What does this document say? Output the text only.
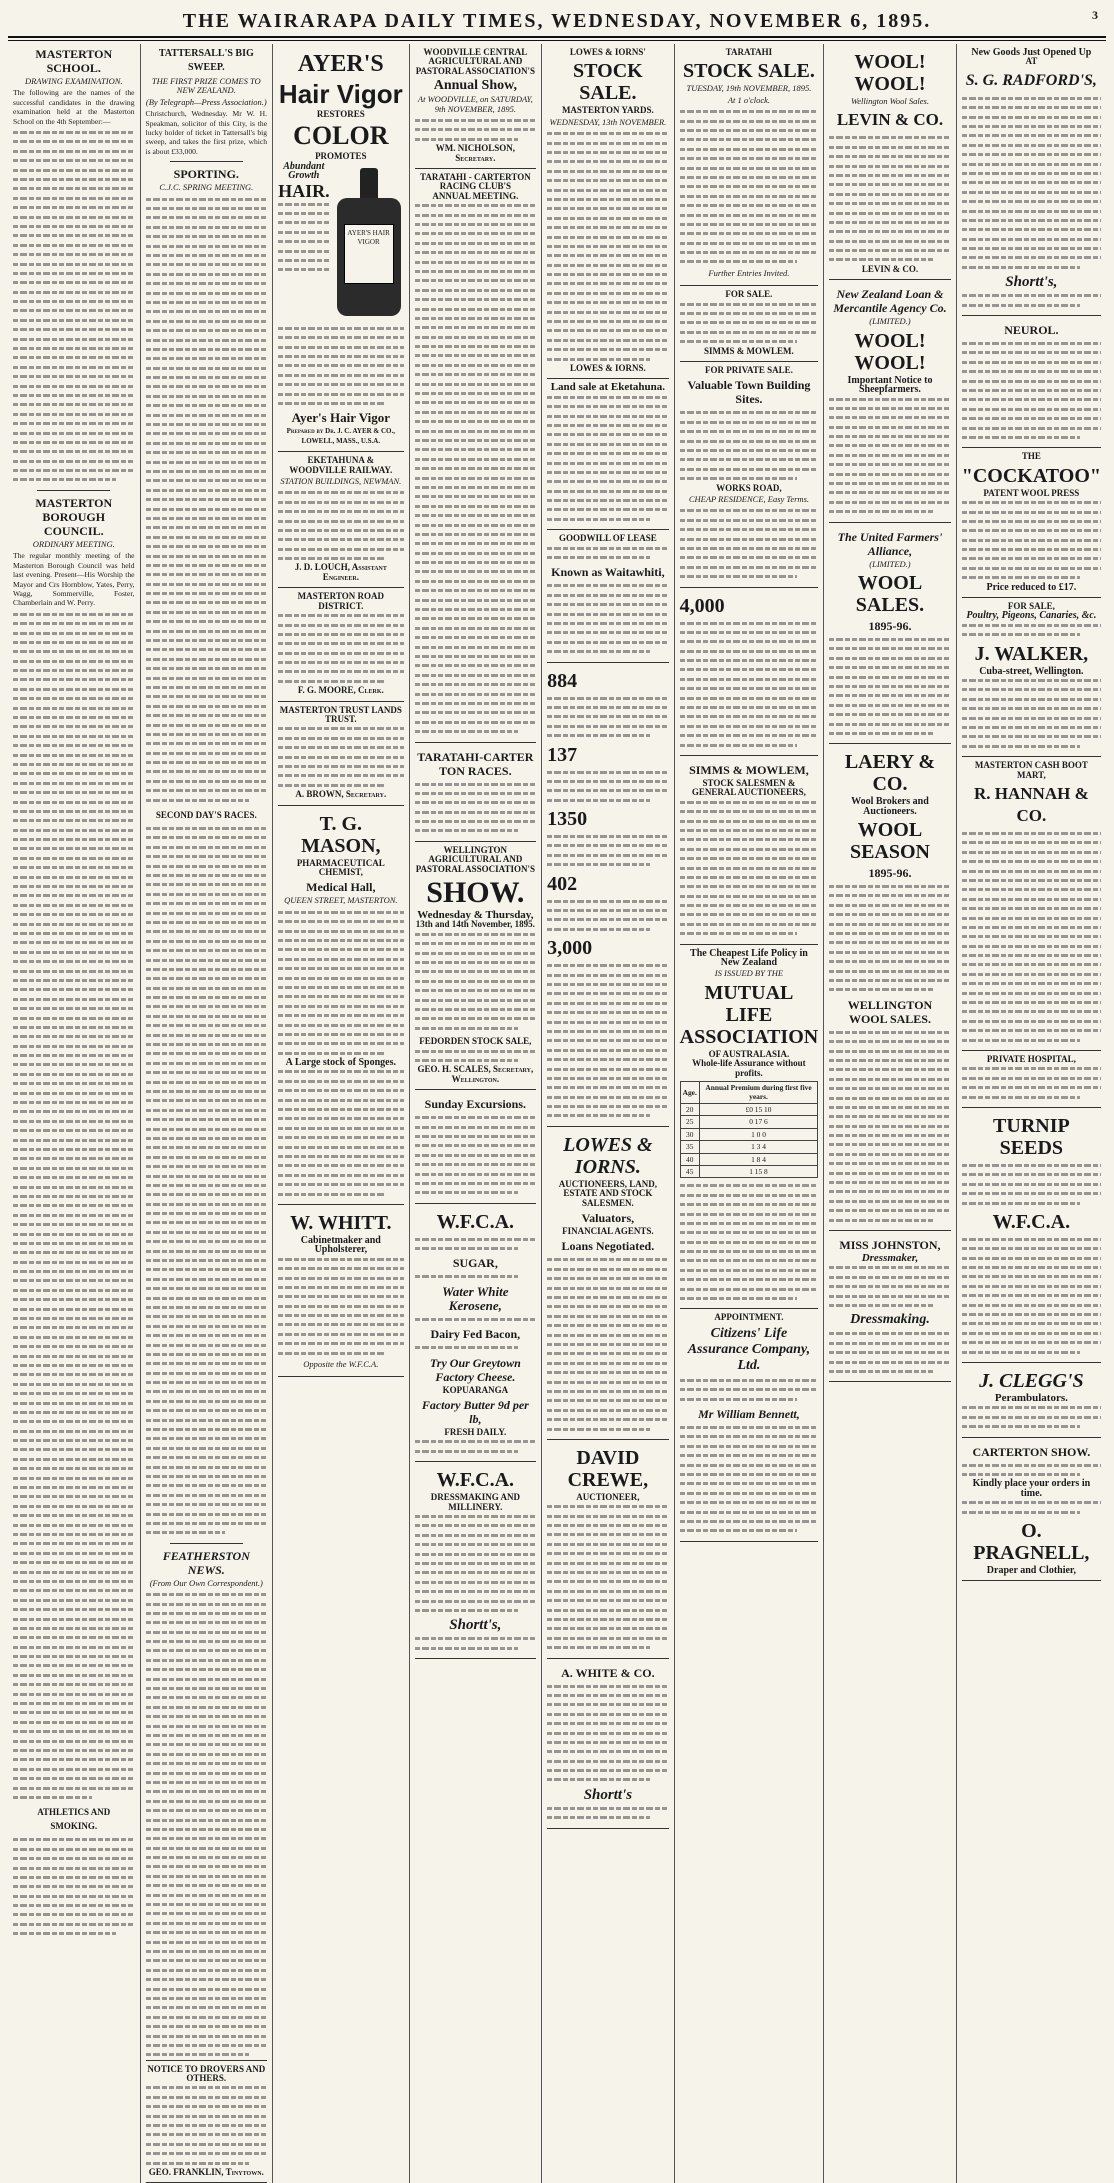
THE WAIRARAPA DAILY TIMES, WEDNESDAY, NOVEMBER 6, 1895.	3
MASTERTON SCHOOL.
DRAWING EXAMINATION.

The following are the names of the successful candidates in the drawing examination held at the Masterton School on the 4th September:—

MASTERTON BOROUGH COUNCIL.
ORDINARY MEETING.

The regular monthly meeting of the Masterton Borough Council was held last evening. Present—His Worship the Mayor and Crs Hornblow, Yates, Perry, Wagg, Sommerville, Foster, Chamberlain and W. Perry.

ATHLETICS AND SMOKING.
TATTERSALL'S BIG SWEEP.
THE FIRST PRIZE COMES TO NEW ZEALAND.
(By Telegraph—Press Association.)

Christchurch, Wednesday. Mr W. H. Speakman, solicitor of this City, is the lucky holder of ticket in Tattersall's big sweep, and takes the first prize, which is about £33,000.

SPORTING.
C.J.C. SPRING MEETING.
SECOND DAY'S RACES.
FEATHERSTON NEWS.
(From Our Own Correspondent.)
NOTICE TO DROVERS AND OTHERS.
GEO. FRANKLIN, Tinytown.
AYER'S
Hair Vigor
RESTORES
COLOR
PROMOTES
Abundant Growth
HAIR.
AYER'S HAIR VIGOR
Ayer's Hair Vigor
Prepared by Dr. J. C. AYER & CO., LOWELL, MASS., U.S.A.
EKETAHUNA & WOODVILLE RAILWAY.
STATION BUILDINGS, NEWMAN.
J. D. LOUCH, Assistant Engineer.
MASTERTON ROAD DISTRICT.
F. G. MOORE, Clerk.
MASTERTON TRUST LANDS TRUST.
A. BROWN, Secretary.
T. G. MASON,
PHARMACEUTICAL CHEMIST,
Medical Hall,
QUEEN STREET, MASTERTON.
A Large stock of Sponges.
W. WHITT.
Cabinetmaker and Upholsterer,
Opposite the W.F.C.A.
WOODVILLE CENTRAL AGRICULTURAL AND PASTORAL ASSOCIATION'S
Annual Show,
At WOODVILLE, on SATURDAY, 9th NOVEMBER, 1895.
WM. NICHOLSON, Secretary.
TARATAHI - CARTERTON RACING CLUB'S
ANNUAL MEETING.
TARATAHI-CARTER TON RACES.
WELLINGTON AGRICULTURAL AND PASTORAL ASSOCIATION'S
SHOW.
Wednesday & Thursday,
13th and 14th November, 1895.
FEDORDEN STOCK SALE,
GEO. H. SCALES, Secretary, Wellington.
Sunday Excursions.
W.F.C.A.
SUGAR,
Water White Kerosene,
Dairy Fed Bacon,
Try Our Greytown Factory Cheese.
KOPUARANGA
Factory Butter 9d per lb,
FRESH DAILY.
W.F.C.A.
DRESSMAKING AND MILLINERY.
Shortt's,
LOWES & IORNS'
STOCK SALE.
MASTERTON YARDS.
WEDNESDAY, 13th NOVEMBER.
LOWES & IORNS.
Land sale at Eketahuna.
GOODWILL OF LEASE
Known as Waitawhiti,
884
137
1350
402
3,000
LOWES & IORNS.
AUCTIONEERS, LAND, ESTATE AND STOCK SALESMEN.
Valuators,
FINANCIAL AGENTS.
Loans Negotiated.
DAVID CREWE,
AUCTIONEER,
A. WHITE & CO.
Shortt's
TARATAHI
STOCK SALE.
TUESDAY, 19th NOVEMBER, 1895.
At 1 o'clock.
Further Entries Invited.
FOR SALE.
SIMMS & MOWLEM.
FOR PRIVATE SALE.
Valuable Town Building Sites.
WORKS ROAD,
CHEAP RESIDENCE, Easy Terms.
4,000
SIMMS & MOWLEM,
STOCK SALESMEN & GENERAL AUCTIONEERS,
The Cheapest Life Policy in New Zealand
IS ISSUED BY THE
MUTUAL LIFE ASSOCIATION
OF AUSTRALASIA.
Whole-life Assurance without profits.
Age.	Annual Premium during first five years.
20	£0 15 10
25	0 17 6
30	1 0 0
35	1 3 4
40	1 8 4
45	1 15 8
APPOINTMENT.
Citizens' Life Assurance Company, Ltd.
Mr William Bennett,
WOOL! WOOL!
Wellington Wool Sales.
LEVIN & CO.
LEVIN & CO.
New Zealand Loan & Mercantile Agency Co.
(LIMITED.)
WOOL! WOOL!
Important Notice to Sheepfarmers.
The United Farmers' Alliance,
(LIMITED.)
WOOL SALES.
1895-96.
LAERY & CO.
Wool Brokers and Auctioneers.
WOOL SEASON
1895-96.
WELLINGTON WOOL SALES.
MISS JOHNSTON,
Dressmaker,
Dressmaking.
New Goods Just Opened Up
AT
S. G. RADFORD'S,
Shortt's,
NEUROL.
THE
"COCKATOO"
PATENT WOOL PRESS
Price reduced to £17.
FOR SALE,
Poultry, Pigeons, Canaries, &c.
J. WALKER,
Cuba-street, Wellington.
MASTERTON CASH BOOT MART,
R. HANNAH & CO.
PRIVATE HOSPITAL,
TURNIP SEEDS
W.F.C.A.
J. CLEGG'S
Perambulators.
CARTERTON SHOW.
Kindly place your orders in time.
O. PRAGNELL,
Draper and Clothier,
